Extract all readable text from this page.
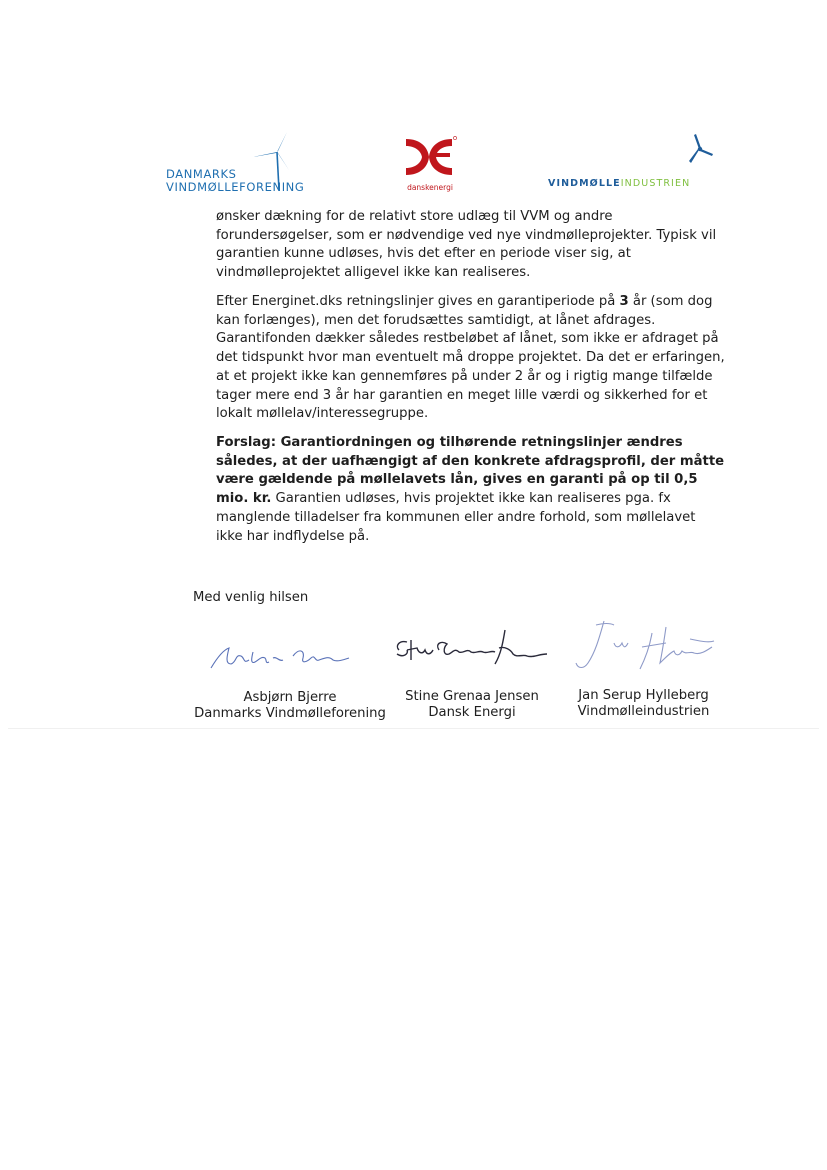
DANMARKS
VINDMØLLEFORENING	danskenergi	VINDMØLLEINDUSTRIEN

ønsker dækning for de relativt store udlæg til VVM og andre forundersøgelser, som er nødvendige ved nye vindmølleprojekter. Typisk vil garantien kunne udløses, hvis det efter en periode viser sig, at vindmølleprojektet alligevel ikke kan realiseres.

Efter Energinet.dks retningslinjer gives en garantiperiode på 3 år (som dog kan forlænges), men det forudsættes samtidigt, at lånet afdrages. Garantifonden dækker således restbeløbet af lånet, som ikke er afdraget på det tidspunkt hvor man eventuelt må droppe projektet. Da det er erfaringen, at et projekt ikke kan gennemføres på under 2 år og i rigtig mange tilfælde tager mere end 3 år har garantien en meget lille værdi og sikkerhed for et lokalt møllelav/interessegruppe.

Forslag: Garantiordningen og tilhørende retningslinjer ændres således, at der uafhængigt af den konkrete afdragsprofil, der måtte være gældende på møllelavets lån, gives en garanti på op til 0,5 mio. kr. Garantien udløses, hvis projektet ikke kan realiseres pga. fx manglende tilladelser fra kommunen eller andre forhold, som møllelavet ikke har indflydelse på.

Med venlig hilsen
Asbjørn Bjerre
Danmarks Vindmølleforening
Stine Grenaa Jensen
Dansk Energi
Jan Serup Hylleberg
Vindmølleindustrien
